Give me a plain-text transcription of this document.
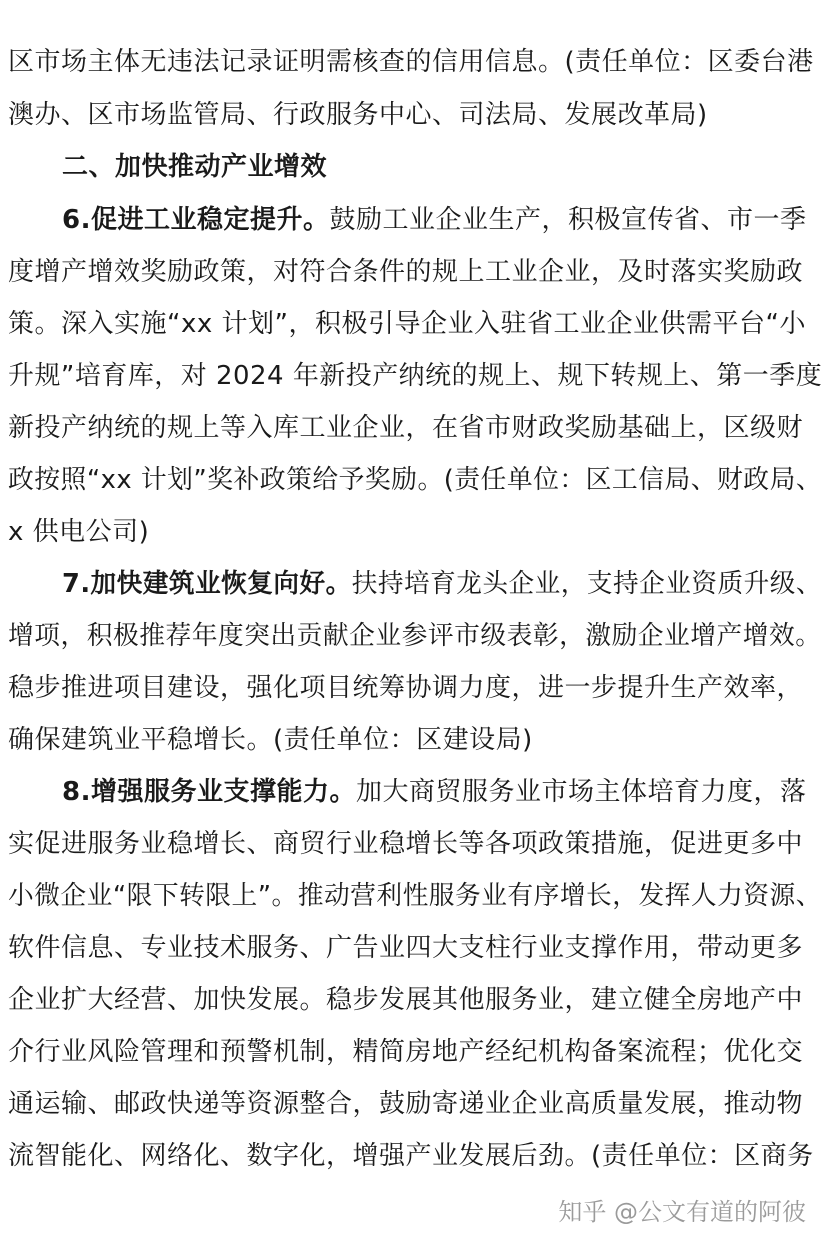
区市场主体无违法记录证明需核查的信用信息。(责任单位：区委台港
澳办、区市场监管局、行政服务中心、司法局、发展改革局)
二、加快推动产业增效
6.促进工业稳定提升。鼓励工业企业生产，积极宣传省、市一季
度增产增效奖励政策，对符合条件的规上工业企业，及时落实奖励政
策。深入实施“xx 计划”，积极引导企业入驻省工业企业供需平台“小
升规”培育库，对 2024 年新投产纳统的规上、规下转规上、第一季度
新投产纳统的规上等入库工业企业，在省市财政奖励基础上，区级财
政按照“xx 计划”奖补政策给予奖励。(责任单位：区工信局、财政局、
x 供电公司)
7.加快建筑业恢复向好。扶持培育龙头企业，支持企业资质升级、
增项，积极推荐年度突出贡献企业参评市级表彰，激励企业增产增效。
稳步推进项目建设，强化项目统筹协调力度，进一步提升生产效率，
确保建筑业平稳增长。(责任单位：区建设局)
8.增强服务业支撑能力。加大商贸服务业市场主体培育力度，落
实促进服务业稳增长、商贸行业稳增长等各项政策措施，促进更多中
小微企业“限下转限上”。推动营利性服务业有序增长，发挥人力资源、
软件信息、专业技术服务、广告业四大支柱行业支撑作用，带动更多
企业扩大经营、加快发展。稳步发展其他服务业，建立健全房地产中
介行业风险管理和预警机制，精简房地产经纪机构备案流程；优化交
通运输、邮政快递等资源整合，鼓励寄递业企业高质量发展，推动物
流智能化、网络化、数字化，增强产业发展后劲。(责任单位：区商务
知乎 @公文有道的阿彼
